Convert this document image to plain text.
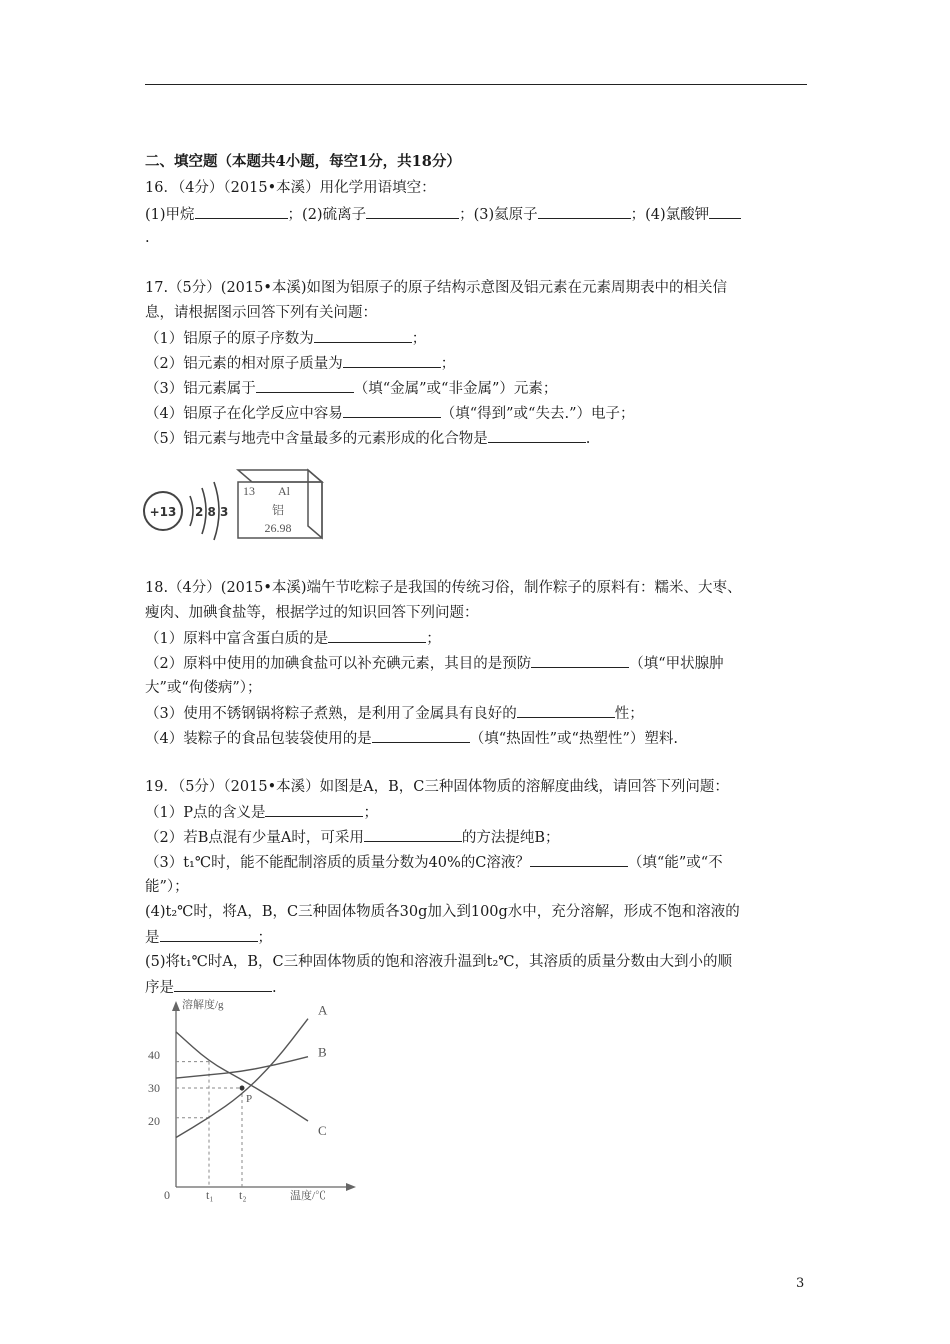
二、填空题（本题共4小题，每空1分，共18分）
16．（4分）（2015•本溪）用化学用语填空：
(1)甲烷	；(2)硫离子	；(3)氦原子	；(4)氯酸钾
.
17.（5分）(2015•本溪)如图为铝原子的原子结构示意图及铝元素在元素周期表中的相关信
息，请根据图示回答下列有关问题：
（1）铝原子的原子序数为	；
（2）铝元素的相对原子质量为	；
（3）铝元素属于	（填“金属”或“非金属”）元素；
（4）铝原子在化学反应中容易	（填“得到”或“失去.”）电子；
（5）铝元素与地壳中含量最多的元素形成的化合物是	.
+13 2 8 3
13 Al
铝
26.98
18.（4分）(2015•本溪)端午节吃粽子是我国的传统习俗，制作粽子的原料有：糯米、大枣、
瘦肉、加碘食盐等，根据学过的知识回答下列问题：
（1）原料中富含蛋白质的是	；
（2）原料中使用的加碘食盐可以补充碘元素，其目的是预防	（填“甲状腺肿
大”或“佝偻病”）；
（3）使用不锈钢锅将粽子煮熟，是利用了金属具有良好的	性；
（4）装粽子的食品包装袋使用的是	（填“热固性”或“热塑性”）塑料.
19．（5分）（2015•本溪）如图是A，B，C三种固体物质的溶解度曲线，请回答下列问题：
（1）P点的含义是	；
（2）若B点混有少量A时，可采用	的方法提纯B；
（3）t₁℃时，能不能配制溶质的质量分数为40%的C溶液？	（填“能”或“不
能”）；
(4)t₂℃时，将A，B，C三种固体物质各30g加入到100g水中，充分溶解，形成不饱和溶液的
是	；
(5)将t₁℃时A，B，C三种固体物质的饱和溶液升温到t₂℃，其溶质的质量分数由大到小的顺
序是	.
溶解度/g
温度/℃
20
30
40
0	t₁ t₂
A
B
C
P
3
